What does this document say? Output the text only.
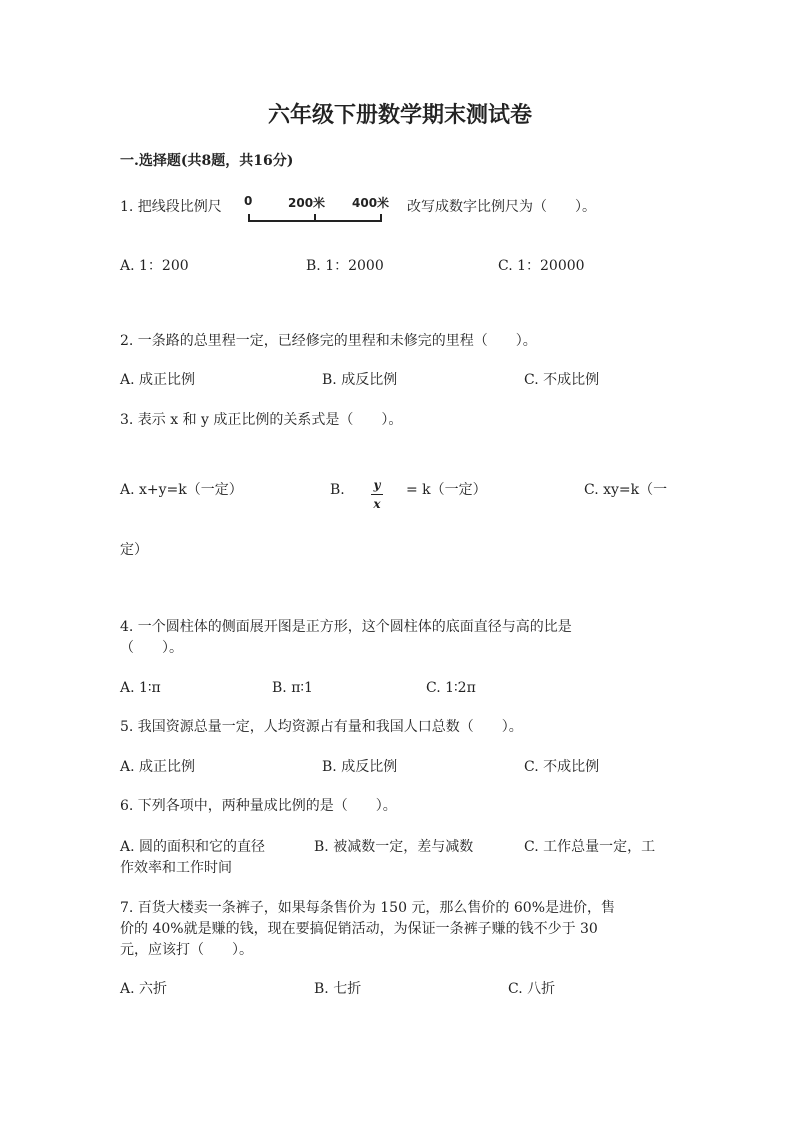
六年级下册数学期末测试卷
一.选择题(共8题，共16分)
1. 把线段比例尺 0	200米 400米 改写成数字比例尺为（　　）。
A. 1：200	B. 1：2000	C. 1：20000
2. 一条路的总里程一定，已经修完的里程和未修完的里程（　　）。
A. 成正比例	B. 成反比例	C. 不成比例
3. 表示 x 和 y 成正比例的关系式是（　　）。
A. x+y=k（一定）	B. y
x
= k（一定）	C. xy=k（一
定）
4. 一个圆柱体的侧面展开图是正方形，这个圆柱体的底面直径与高的比是
（　　）。
A. 1∶π	B. π∶1	C. 1∶2π
5. 我国资源总量一定，人均资源占有量和我国人口总数（　　）。
A. 成正比例	B. 成反比例	C. 不成比例
6. 下列各项中，两种量成比例的是（　　）。
A. 圆的面积和它的直径	B. 被减数一定，差与减数	C. 工作总量一定，工
作效率和工作时间
7. 百货大楼卖一条裤子，如果每条售价为 150 元，那么售价的 60%是进价，售
价的 40%就是赚的钱，现在要搞促销活动，为保证一条裤子赚的钱不少于 30
元，应该打（　　）。
A. 六折	B. 七折	C. 八折
